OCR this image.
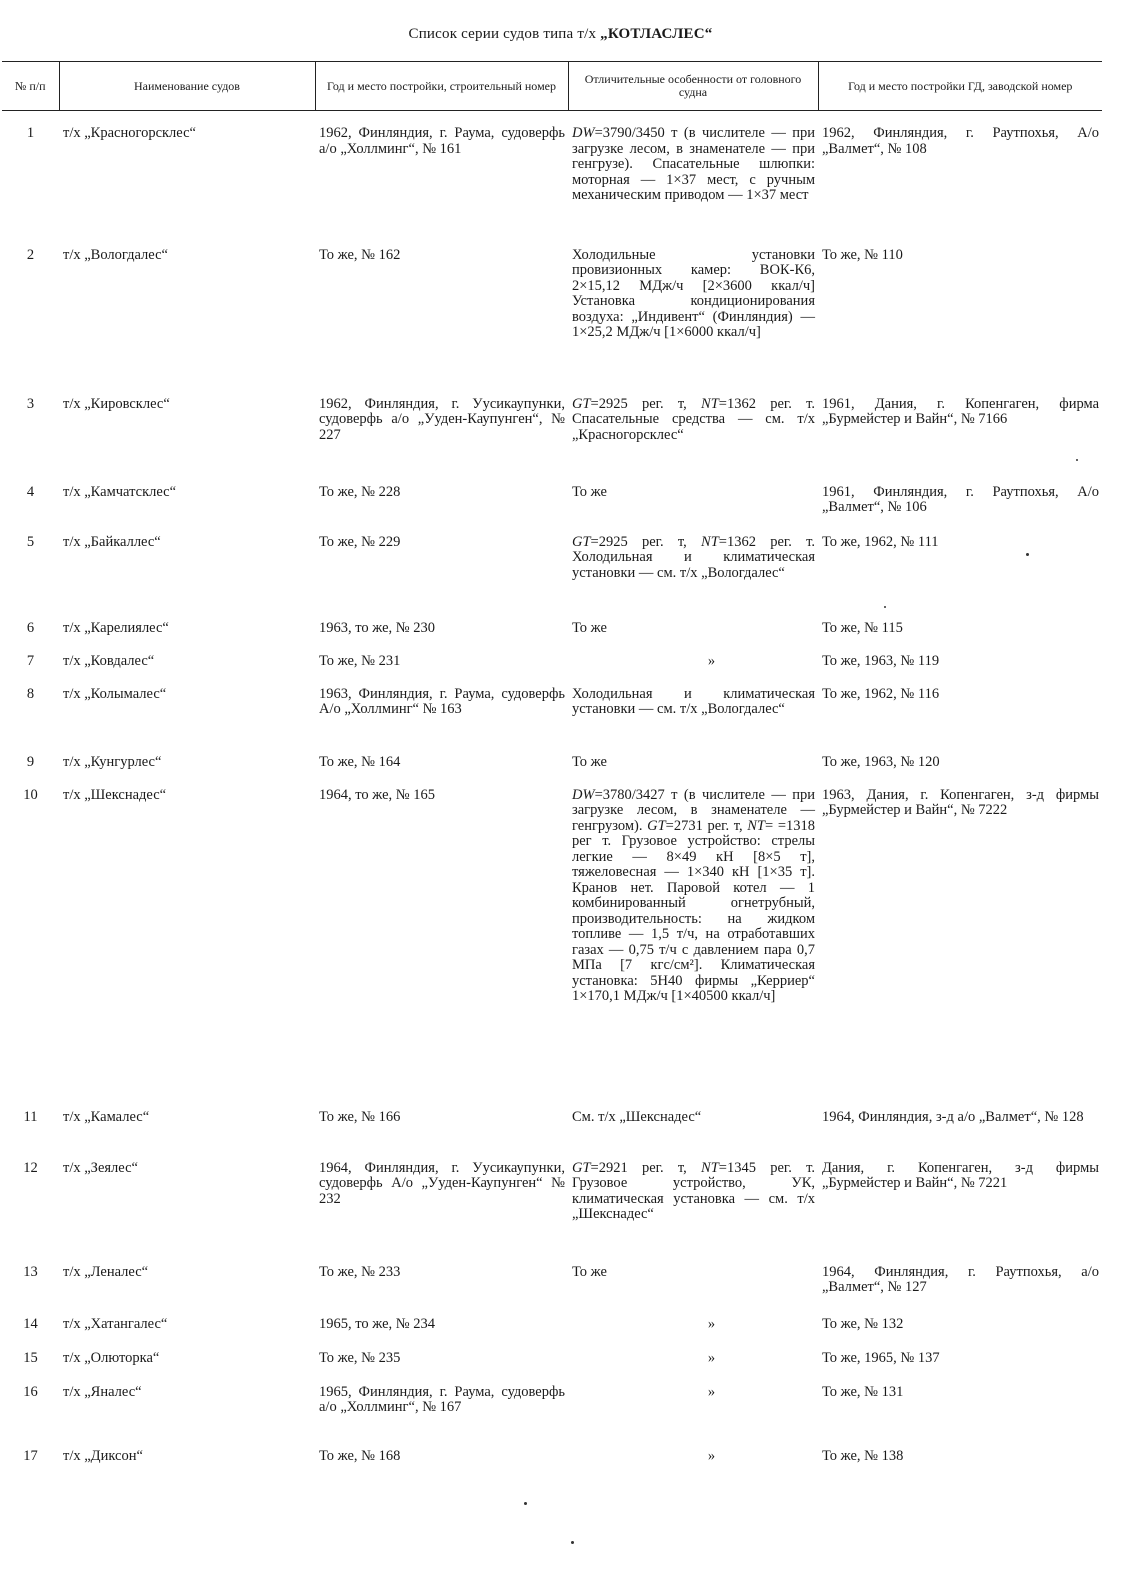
Список серии судов типа т/х „КОТЛАСЛЕС“
№ п/п	Наименование судов	Год и место постройки, строительный номер	Отличительные особенности от головного судна	Год и место постройки ГД, заводской номер
1	т/х „Красногорсклес“	1962, Финляндия, г. Раума, судоверфь а/о „Холлминг“, № 161	DW=3790/3450 т (в числителе — при загрузке лесом, в знаменателе — при генгрузе). Спасательные шлюпки: моторная — 1×37 мест, с ручным механическим приводом — 1×37 мест	1962, Финляндия, г. Раутпохья, А/о „Валмет“, № 108
2	т/х „Вологдалес“	То же, № 162	Холодильные установки провизионных камер: ВОК-К6, 2×15,12 МДж/ч [2×3600 ккал/ч] Установка кондиционирования воздуха: „Индивент“ (Финляндия) — 1×25,2 МДж/ч [1×6000 ккал/ч]	То же, № 110
3	т/х „Кировсклес“	1962, Финляндия, г. Уусикаупунки, судоверфь а/о „Ууден-Каупунген“, № 227	GT=2925 рег. т, NT=1362 рег. т. Спасательные средства — см. т/х „Красногорсклес“	1961, Дания, г. Копенгаген, фирма „Бурмейстер и Вайн“, № 7166
4	т/х „Камчатсклес“	То же, № 228	То же	1961, Финляндия, г. Раутпохья, А/о „Валмет“, № 106
5	т/х „Байкаллес“	То же, № 229	GT=2925 рег. т, NT=1362 рег. т. Холодильная и климатическая установки — см. т/х „Вологдалес“	То же, 1962, № 111
6	т/х „Карелиялес“	1963, то же, № 230	То же	То же, № 115
7	т/х „Ковдалес“	То же, № 231	»	То же, 1963, № 119
8	т/х „Колымалес“	1963, Финляндия, г. Раума, судоверфь А/о „Холлминг“ № 163	Холодильная и климатическая установки — см. т/х „Вологдалес“	То же, 1962, № 116
9	т/х „Кунгурлес“	То же, № 164	То же	То же, 1963, № 120
10	т/х „Шекснадес“	1964, то же, № 165	DW=3780/3427 т (в числителе — при загрузке лесом, в знаменателе — генгрузом). GT=2731 рег. т, NT= =1318 рег т. Грузовое устройство: стрелы легкие — 8×49 кН [8×5 т], тяжеловесная — 1×340 кН [1×35 т]. Кранов нет. Паровой котел — 1 комбинированный огнетрубный, производительность: на жидком топливе — 1,5 т/ч, на отработавших газах — 0,75 т/ч с давлением пара 0,7 МПа [7 кгс/см²]. Климатическая установка: 5Н40 фирмы „Керриер“ 1×170,1 МДж/ч [1×40500 ккал/ч]	1963, Дания, г. Копенгаген, з-д фирмы „Бурмейстер и Вайн“, № 7222
11	т/х „Камалес“	То же, № 166	См. т/х „Шекснадес“	1964, Финляндия, з-д а/о „Валмет“, № 128
12	т/х „Зеялес“	1964, Финляндия, г. Уусикаупунки, судоверфь А/о „Ууден-Каупунген“ № 232	GT=2921 рег. т, NT=1345 рег. т. Грузовое устройство, УК, климатическая установка — см. т/х „Шекснадес“	Дания, г. Копенгаген, з-д фирмы „Бурмейстер и Вайн“, № 7221
13	т/х „Леналес“	То же, № 233	То же	1964, Финляндия, г. Раутпохья, а/о „Валмет“, № 127
14	т/х „Хатангалес“	1965, то же, № 234	»	То же, № 132
15	т/х „Олюторка“	То же, № 235	»	То же, 1965, № 137
16	т/х „Яналес“	1965, Финляндия, г. Раума, судоверфь а/о „Холлминг“, № 167	»	То же, № 131
17	т/х „Диксон“	То же, № 168	»	То же, № 138
